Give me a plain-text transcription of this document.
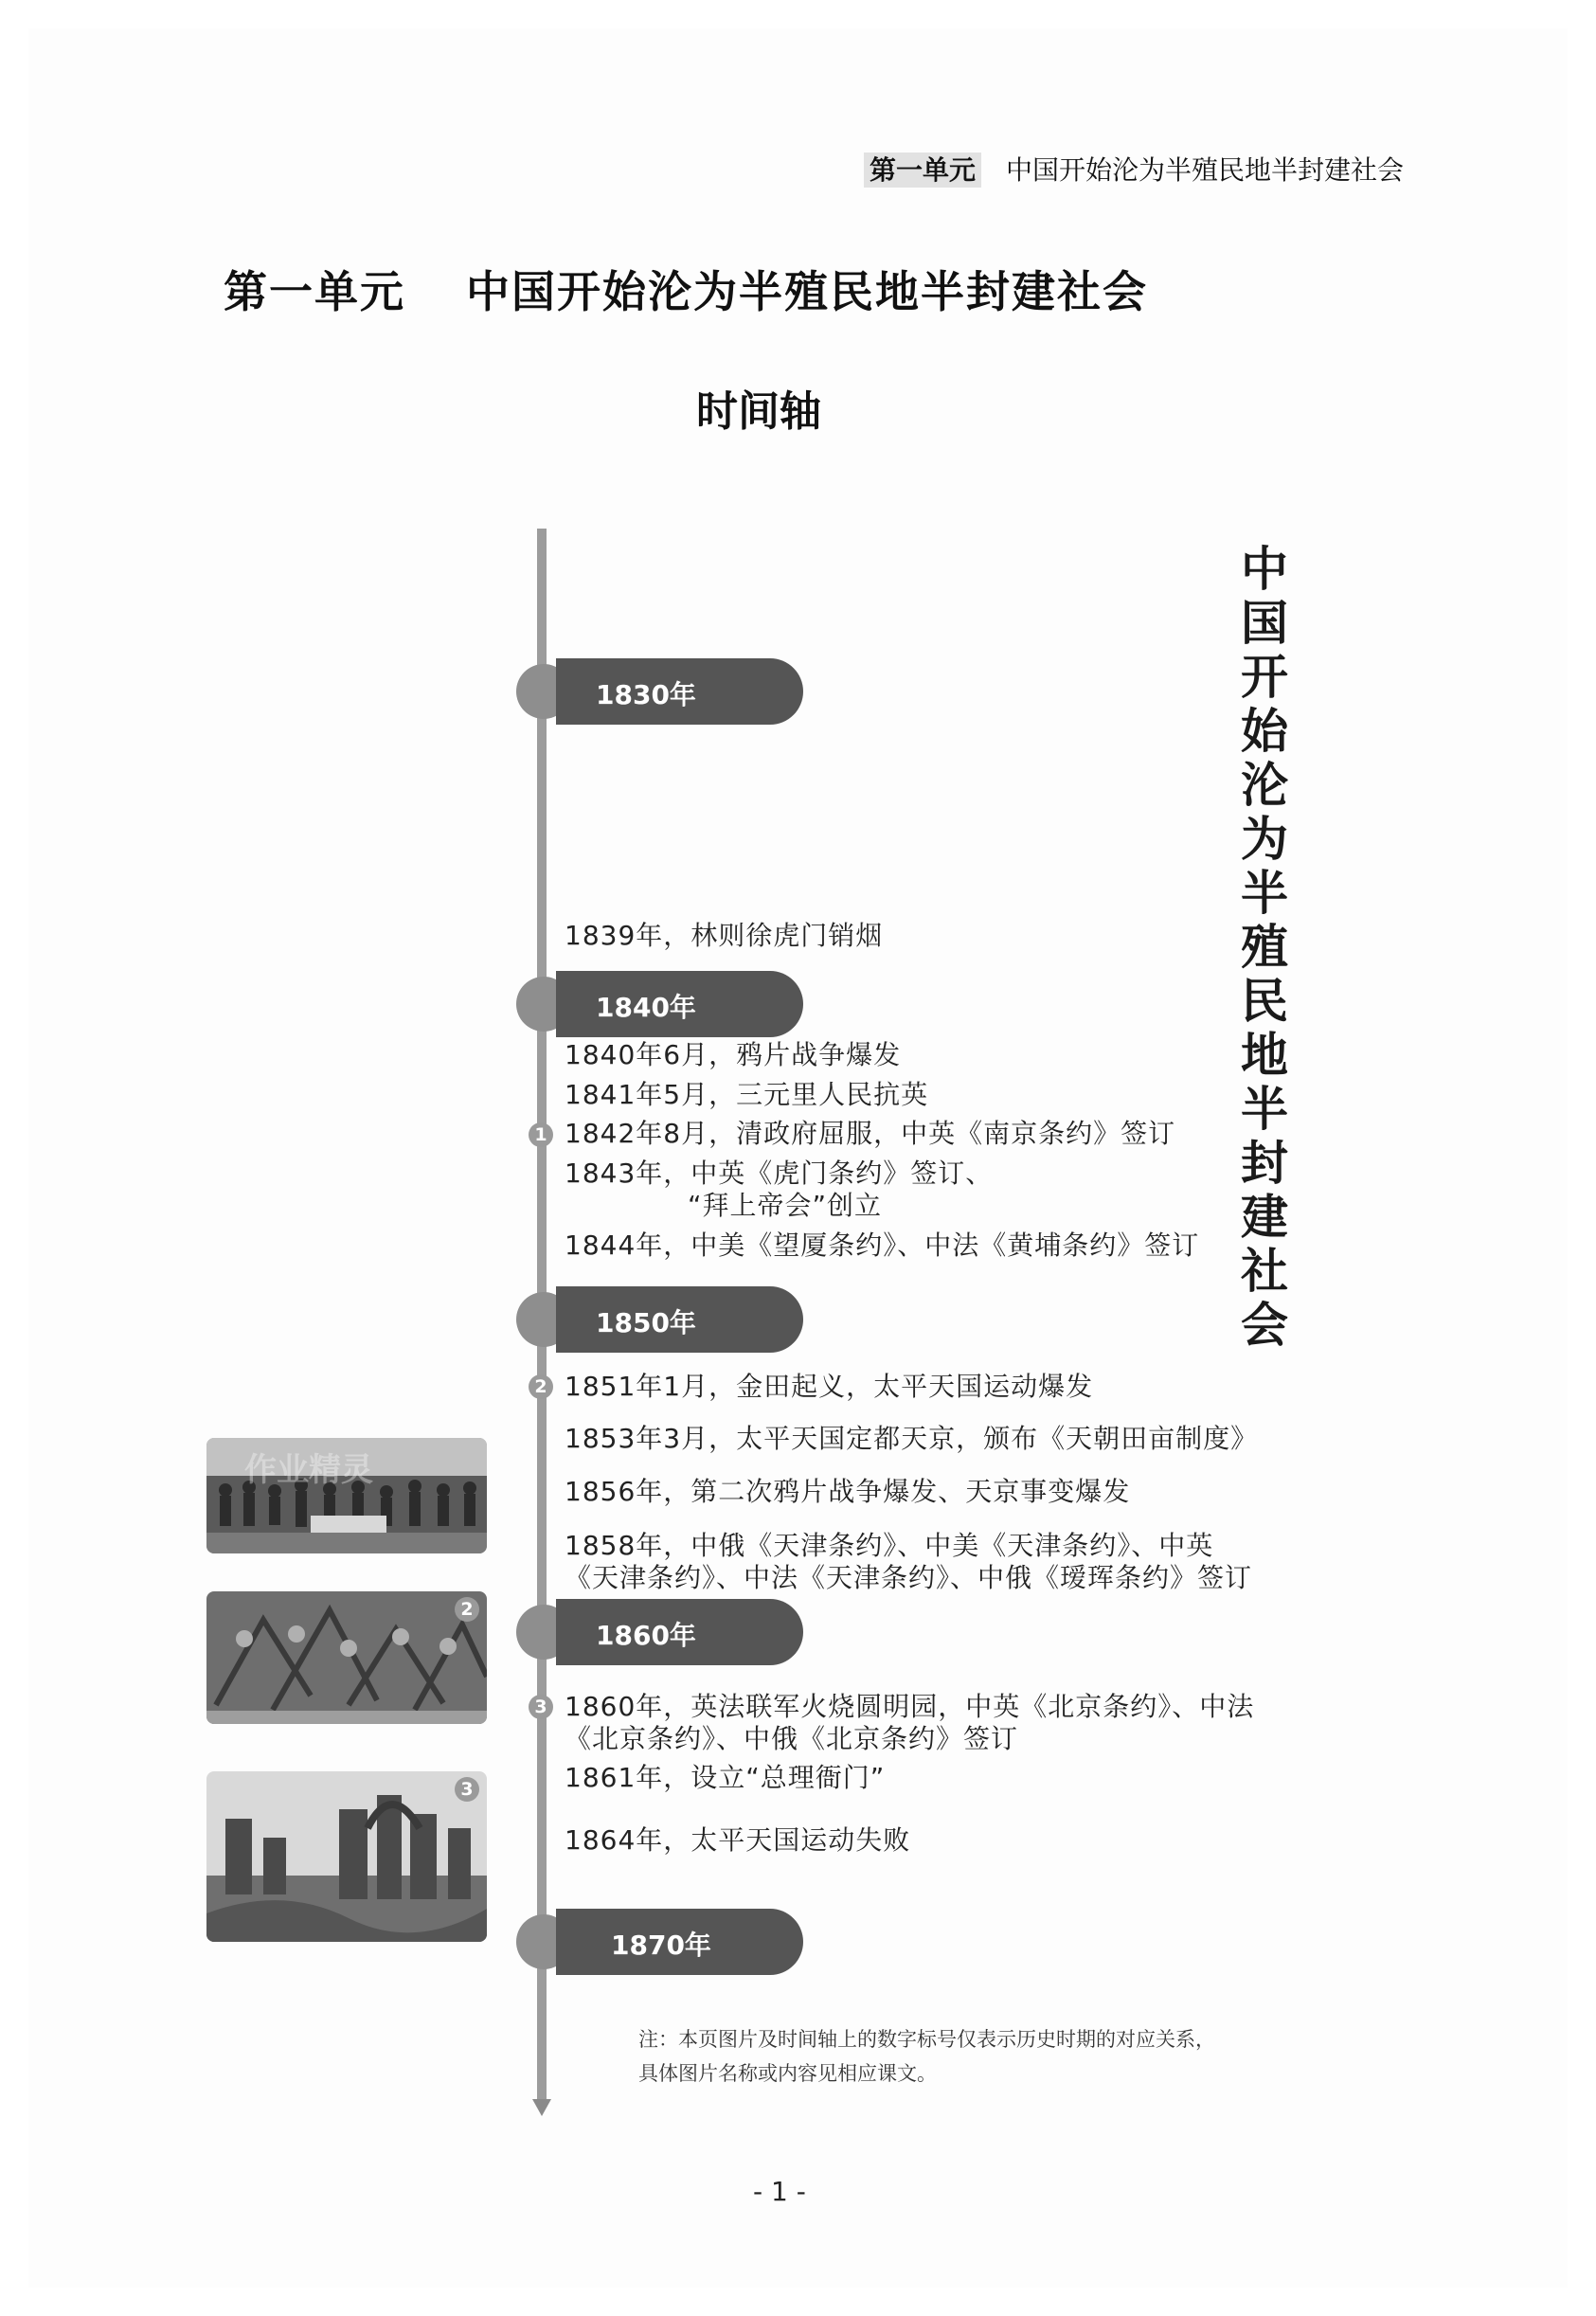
第一单元 中国开始沦为半殖民地半封建社会
第一单元 中国开始沦为半殖民地半封建社会
时间轴
1830年
1840年
1850年
1860年
1870年
1839年，林则徐虎门销烟
1840年6月，鸦片战争爆发
1841年5月，三元里人民抗英
1842年8月，清政府屈服，中英《南京条约》签订
1843年，中英《虎门条约》签订、
“拜上帝会”创立
1844年，中美《望厦条约》、中法《黄埔条约》签订
1851年1月，金田起义，太平天国运动爆发
1853年3月，太平天国定都天京，颁布《天朝田亩制度》
1856年，第二次鸦片战争爆发、天京事变爆发
1858年，中俄《天津条约》、中美《天津条约》、中英
《天津条约》、中法《天津条约》、中俄《瑷珲条约》签订
1860年，英法联军火烧圆明园，中英《北京条约》、中法
《北京条约》、中俄《北京条约》签订
1861年，设立“总理衙门”
1864年，太平天国运动失败
1
2
3
中
国
开
始
沦
为
半
殖
民
地
半
封
建
社
会
作业精灵
2
3
注：本页图片及时间轴上的数字标号仅表示历史时期的对应关系，
具体图片名称或内容见相应课文。
- 1 -
